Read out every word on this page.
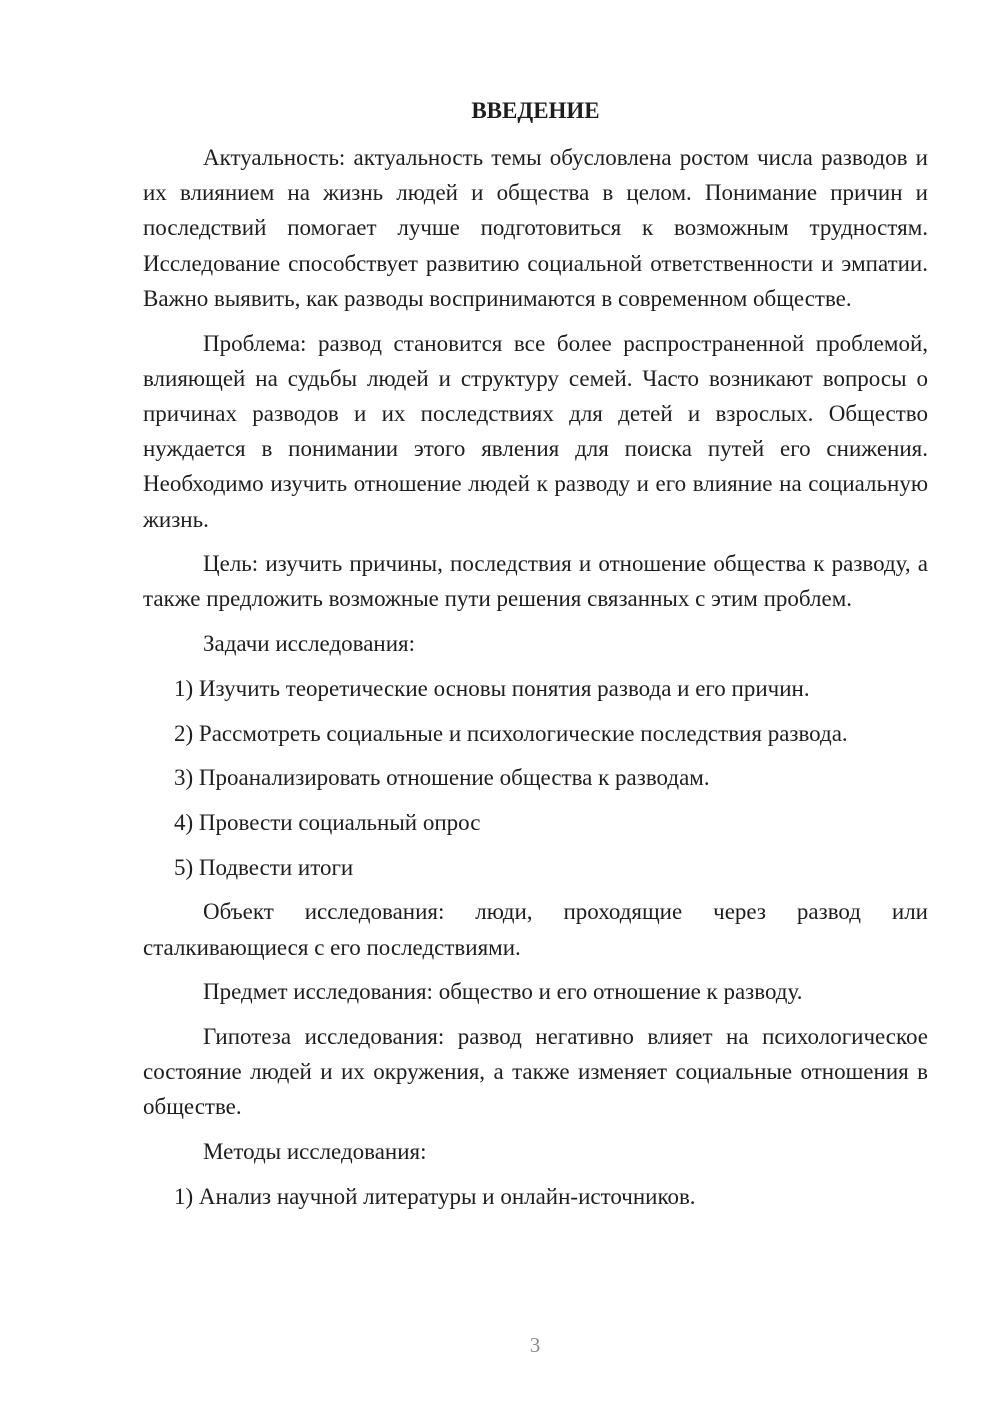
ВВЕДЕНИЕ
Актуальность: актуальность темы обусловлена ростом числа разводов и их влиянием на жизнь людей и общества в целом. Понимание причин и последствий помогает лучше подготовиться к возможным трудностям. Исследование способствует развитию социальной ответственности и эмпатии. Важно выявить, как разводы воспринимаются в современном обществе.
Проблема: развод становится все более распространенной проблемой, влияющей на судьбы людей и структуру семей. Часто возникают вопросы о причинах разводов и их последствиях для детей и взрослых. Общество нуждается в понимании этого явления для поиска путей его снижения. Необходимо изучить отношение людей к разводу и его влияние на социальную жизнь.
Цель: изучить причины, последствия и отношение общества к разводу, а также предложить возможные пути решения связанных с этим проблем.
Задачи исследования:
1) Изучить теоретические основы понятия развода и его причин.
2) Рассмотреть социальные и психологические последствия развода.
3) Проанализировать отношение общества к разводам.
4) Провести социальный опрос
5) Подвести итоги
Объект исследования: люди, проходящие через развод или сталкивающиеся с его последствиями.
Предмет исследования: общество и его отношение к разводу.
Гипотеза исследования: развод негативно влияет на психологическое состояние людей и их окружения, а также изменяет социальные отношения в обществе.
Методы исследования:
1) Анализ научной литературы и онлайн-источников.
3
